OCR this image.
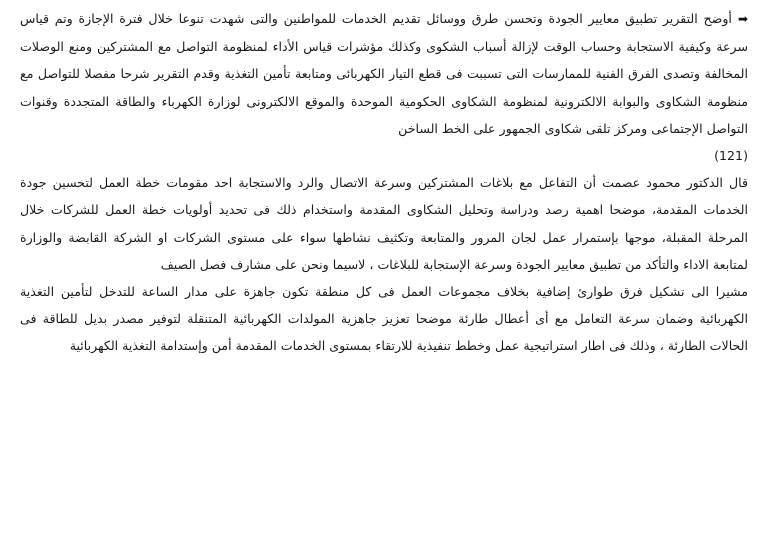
➡أوضح التقرير تطبيق معايير الجودة وتحسن طرق ووسائل تقديم الخدمات للمواطنين والتى شهدت تنوعا خلال فترة الإجازة وتم قياس سرعة وكيفية الاستجابة وحساب الوقت لإزالة أسباب الشكوى وكذلك مؤشرات قياس الأداء لمنظومة التواصل مع المشتركين ومنع الوصلات المخالفة وتصدى الفرق الفنية للممارسات التى تسببت فى قطع التيار الكهربائى ومتابعة تأمين التغذية وقدم التقرير شرحا مفصلا للتواصل مع منظومة الشكاوى والبوابة الالكترونية لمنظومة الشكاوى الحكومية الموحدة والموقع الالكترونى لوزارة الكهرباء والطاقة المتجددة وقنوات التواصل الإجتماعى ومركز تلقى شكاوى الجمهور على الخط الساخن
(121)

قال الدكتور محمود عصمت أن التفاعل مع بلاغات المشتركين وسرعة الاتصال والرد والاستجابة احد مقومات خطة العمل لتحسين جودة الخدمات المقدمة، موضحا اهمية رصد ودراسة وتحليل الشكاوى المقدمة واستخدام ذلك فى تحديد أولويات خطة العمل للشركات خلال المرحلة المقبلة، موجها بإستمرار عمل لجان المرور والمتابعة وتكثيف نشاطها سواء على مستوى الشركات او الشركة القابضة والوزارة لمتابعة الاداء والتأكد من تطبيق معايير الجودة وسرعة الإستجابة للبلاغات ، لاسيما ونحن على مشارف فصل الصيف

مشيرا الى تشكيل فرق طوارئ إضافية بخلاف مجموعات العمل فى كل منطقة تكون جاهزة على مدار الساعة للتدخل لتأمين التغذية الكهربائية وضمان سرعة التعامل مع أى أعطال طارئة موضحا تعزيز جاهزية المولدات الكهربائية المتنقلة لتوفير مصدر بديل للطاقة فى الحالات الطارئة ، وذلك فى اطار استراتيجية عمل وخطط تنفيذية للارتقاء بمستوى الخدمات المقدمة أمن وإستدامة التغذية الكهربائية
